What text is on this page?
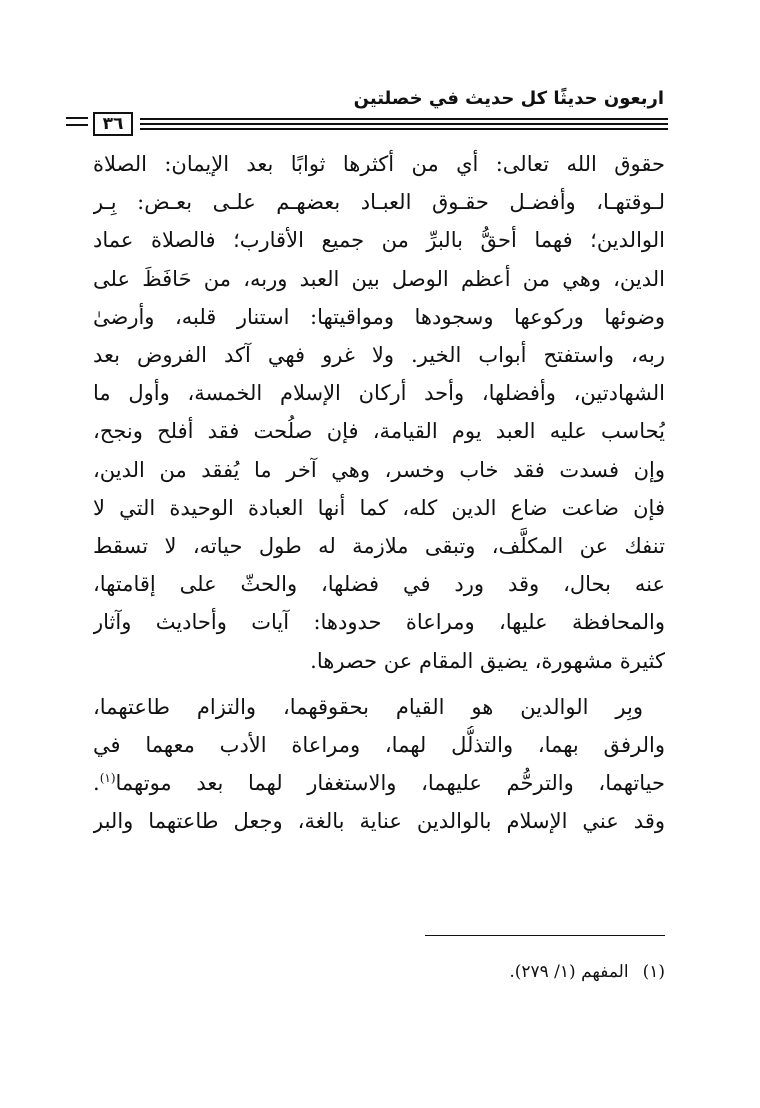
اربعون حديثًا كل حديث في خصلتين
٣٦
حقوق الله تعالى: أي من أكثرها ثوابًا بعد الإيمان: الصلاة
لـوقتهـا، وأفضـل حقـوق العبـاد بعضهـم علـى بعـض: بِـر
الوالدين؛ فهما أحقُّ بالبرِّ من جميع الأقارب؛ فالصلاة عماد
الدين، وهي من أعظم الوصل بين العبد وربه، من حَافَظَ على
وضوئها وركوعها وسجودها ومواقيتها: استنار قلبه، وأرضىٰ
ربه، واستفتح أبواب الخير. ولا غرو فهي آكد الفروض بعد
الشهادتين، وأفضلها، وأحد أركان الإسلام الخمسة، وأول ما
يُحاسب عليه العبد يوم القيامة، فإن صلُحت فقد أفلح ونجح،
وإن فسدت فقد خاب وخسر، وهي آخر ما يُفقد من الدين،
فإن ضاعت ضاع الدين كله، كما أنها العبادة الوحيدة التي لا
تنفك عن المكلَّف، وتبقى ملازمة له طول حياته، لا تسقط
عنه بحال، وقد ورد في فضلها، والحثّ على إقامتها،
والمحافظة عليها، ومراعاة حدودها: آيات وأحاديث وآثار
كثيرة مشهورة، يضيق المقام عن حصرها.
وبِر الوالدين هو القيام بحقوقهما، والتزام طاعتهما،
والرفق بهما، والتذلُّل لهما، ومراعاة الأدب معهما في
حياتهما، والترحُّم عليهما، والاستغفار لهما بعد موتهما$^{(١)}$.
وقد عني الإسلام بالوالدين عناية بالغة، وجعل طاعتهما والبر
(١)المفهم (١/ ٢٧٩).
